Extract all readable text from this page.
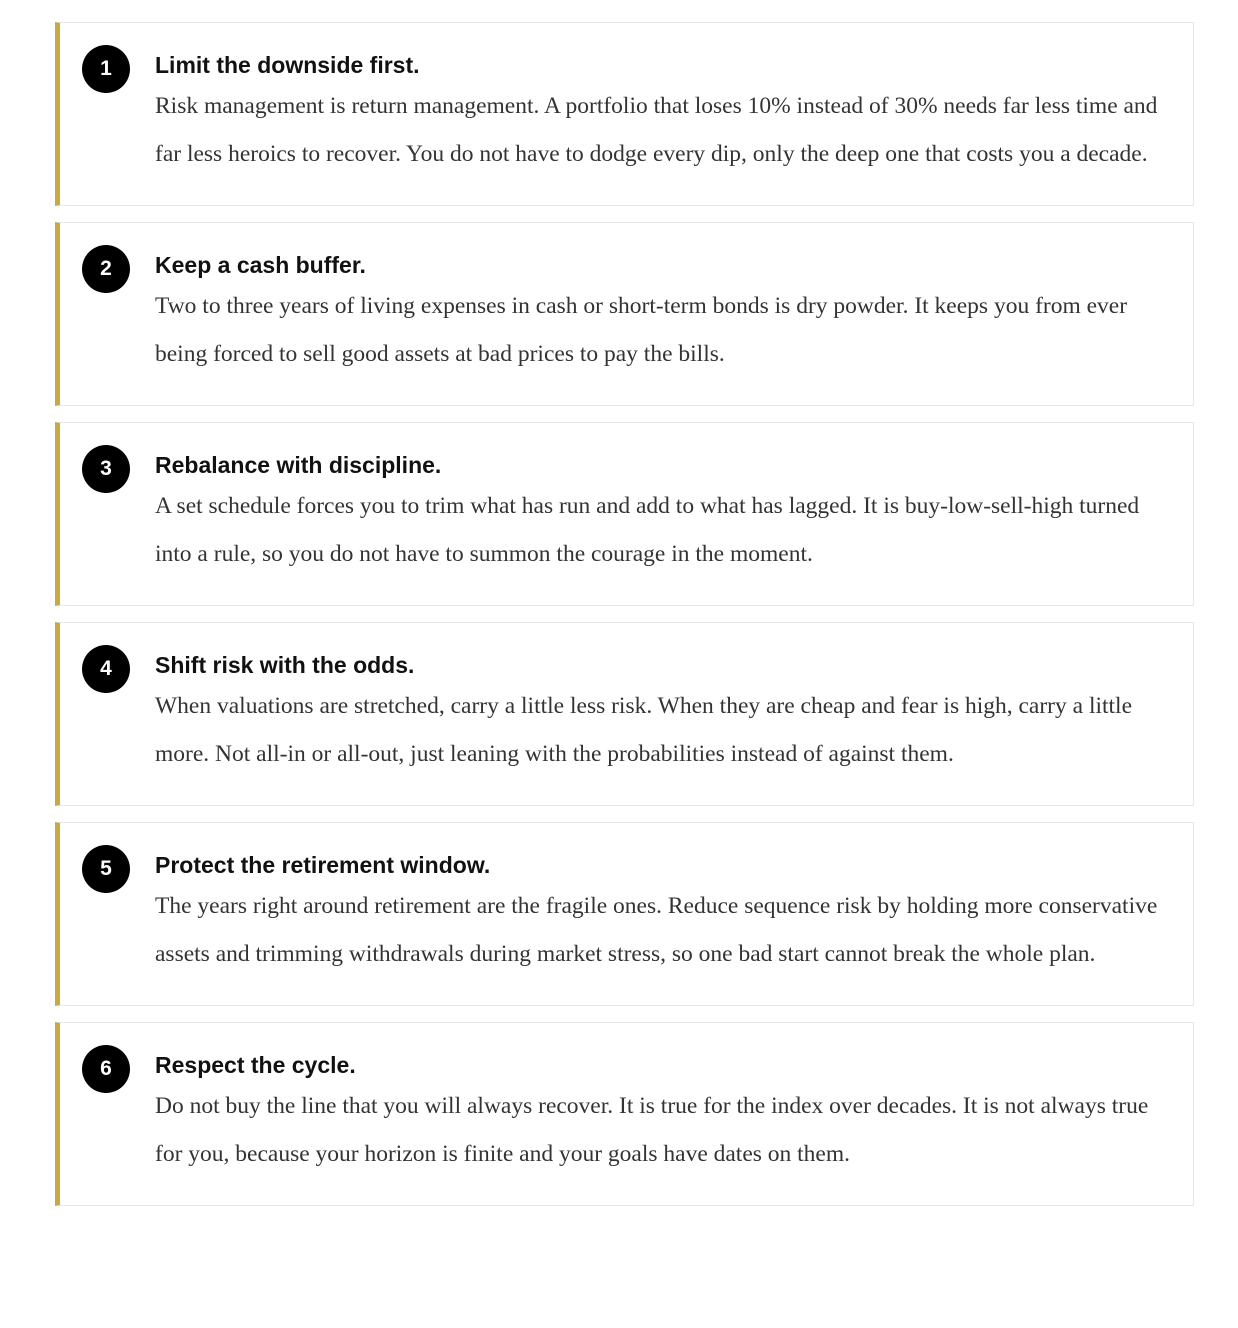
1	Limit the downside first.

Risk management is return management. A portfolio that loses 10% instead of 30% needs far less time and far less heroics to recover. You do not have to dodge every dip, only the deep one that costs you a decade.

2	Keep a cash buffer.

Two to three years of living expenses in cash or short-term bonds is dry powder. It keeps you from ever being forced to sell good assets at bad prices to pay the bills.

3	Rebalance with discipline.

A set schedule forces you to trim what has run and add to what has lagged. It is buy-low-sell-high turned into a rule, so you do not have to summon the courage in the moment.

4	Shift risk with the odds.

When valuations are stretched, carry a little less risk. When they are cheap and fear is high, carry a little more. Not all-in or all-out, just leaning with the probabilities instead of against them.

5	Protect the retirement window.

The years right around retirement are the fragile ones. Reduce sequence risk by holding more conservative assets and trimming withdrawals during market stress, so one bad start cannot break the whole plan.

6	Respect the cycle.

Do not buy the line that you will always recover. It is true for the index over decades. It is not always true for you, because your horizon is finite and your goals have dates on them.
